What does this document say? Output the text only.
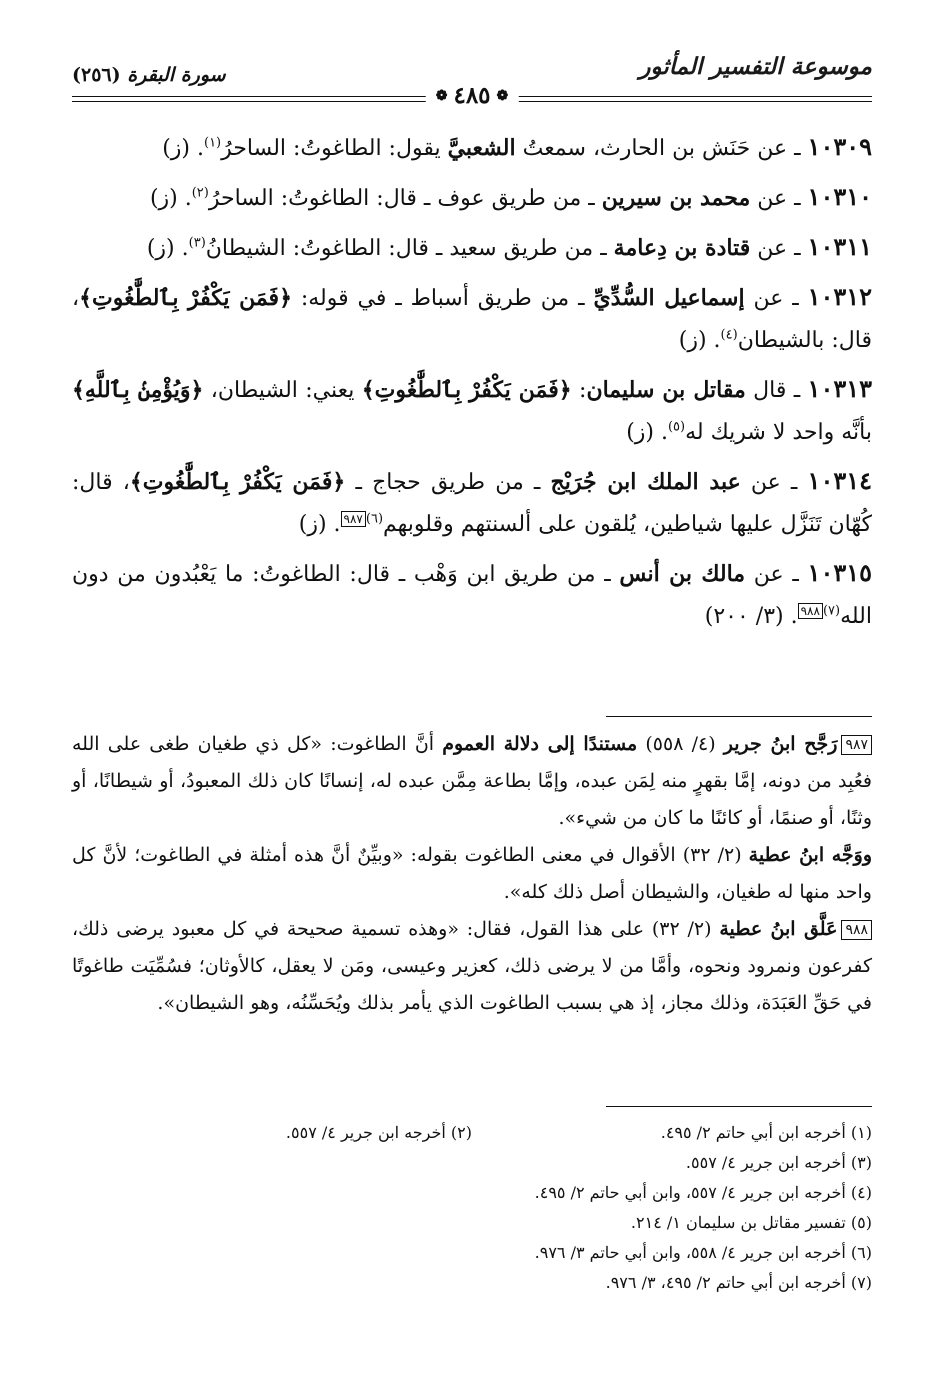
موسوعة التفسير المأثور
سورة البقرة (٢٥٦)
❁
٤٨٥
❁

١٠٣٠٩ ـ عن حَنَش بن الحارث، سمعتُ الشعبيَّ يقول: الطاغوتُ: الساحرُ$^{(١)}$. (ز)

١٠٣١٠ ـ عن محمد بن سيرين ـ من طريق عوف ـ قال: الطاغوتُ: الساحرُ$^{(٢)}$. (ز)

١٠٣١١ ـ عن قتادة بن دِعامة ـ من طريق سعيد ـ قال: الطاغوتُ: الشيطانُ$^{(٣)}$. (ز)

١٠٣١٢ ـ عن إسماعيل السُّدِّيِّ ـ من طريق أسباط ـ في قوله: ﴿فَمَن يَكْفُرْ بِٱلطَّٰغُوتِ﴾، قال: بالشيطان$^{(٤)}$. (ز)

١٠٣١٣ ـ قال مقاتل بن سليمان: ﴿فَمَن يَكْفُرْ بِٱلطَّٰغُوتِ﴾ يعني: الشيطان، ﴿وَيُؤْمِنۢ بِٱللَّهِ﴾ بأنَّه واحد لا شريك له$^{(٥)}$. (ز)

١٠٣١٤ ـ عن عبد الملك ابن جُرَيْج ـ من طريق حجاج ـ ﴿فَمَن يَكْفُرْ بِٱلطَّٰغُوتِ﴾، قال: كُهّان تَنَزَّل عليها شياطين، يُلقون على ألسنتهم وقلوبهم$^{(٦)}$٩٨٧. (ز)

١٠٣١٥ ـ عن مالك بن أنس ـ من طريق ابن وَهْب ـ قال: الطاغوتُ: ما يَعْبُدون من دون الله$^{(٧)}$٩٨٨. (٣/ ٢٠٠)

٩٨٧رَجَّح ابنُ جرير (٤/ ٥٥٨) مستندًا إلى دلالة العموم أنَّ الطاغوت: «كل ذي طغيان طغى على الله فعُبِد من دونه، إمَّا بقهرٍ منه لِمَن عبده، وإمَّا بطاعة مِمَّن عبده له، إنسانًا كان ذلك المعبودُ، أو شيطانًا، أو وثنًا، أو صنمًا، أو كائنًا ما كان من شيء».

ووَجَّه ابنُ عطية (٢/ ٣٢) الأقوال في معنى الطاغوت بقوله: «وبيِّنٌ أنَّ هذه أمثلة في الطاغوت؛ لأنَّ كل واحد منها له طغيان، والشيطان أصل ذلك كله».

٩٨٨عَلَّق ابنُ عطية (٢/ ٣٢) على هذا القول، فقال: «وهذه تسمية صحيحة في كل معبود يرضى ذلك، كفرعون ونمرود ونحوه، وأمَّا من لا يرضى ذلك، كعزير وعيسى، ومَن لا يعقل، كالأوثان؛ فسُمِّيَت طاغوتًا في حَقِّ العَبَدَة، وذلك مجاز، إذ هي بسبب الطاغوت الذي يأمر بذلك ويُحَسِّنُه، وهو الشيطان».

(١) أخرجه ابن أبي حاتم ٢/ ٤٩٥.
(٢) أخرجه ابن جرير ٤/ ٥٥٧.
(٣) أخرجه ابن جرير ٤/ ٥٥٧.
(٤) أخرجه ابن جرير ٤/ ٥٥٧، وابن أبي حاتم ٢/ ٤٩٥.
(٥) تفسير مقاتل بن سليمان ١/ ٢١٤.
(٦) أخرجه ابن جرير ٤/ ٥٥٨، وابن أبي حاتم ٣/ ٩٧٦.
(٧) أخرجه ابن أبي حاتم ٢/ ٤٩٥، ٣/ ٩٧٦.
